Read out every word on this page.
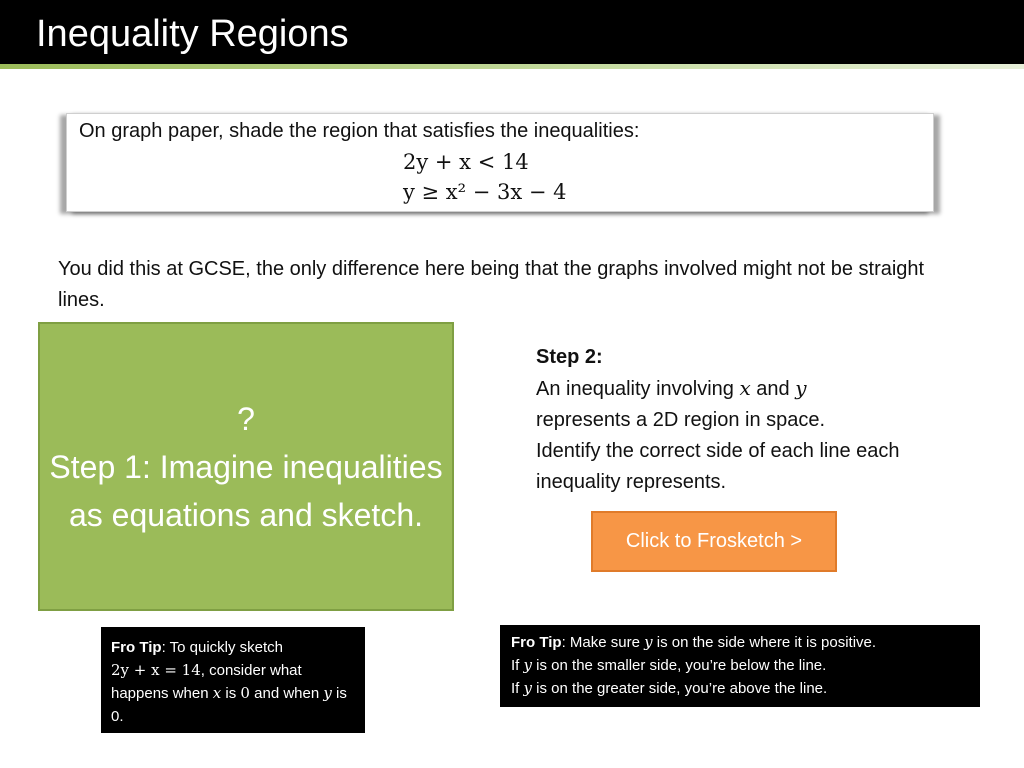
Inequality Regions
On graph paper, shade the region that satisfies the inequalities:
2y + x < 14
y ≥ x² − 3x − 4
You did this at GCSE, the only difference here being that the graphs involved might not be straight lines.
?
Step 1: Imagine inequalities as equations and sketch.
Step 2:
An inequality involving x and y
represents a 2D region in space.
Identify the correct side of each line each inequality represents.
Click to Frosketch >
Fro Tip: To quickly sketch
2y + x = 14, consider what happens when x is 0 and when y is 0.
Fro Tip: Make sure y is on the side where it is positive.
If y is on the smaller side, you’re below the line.
If y is on the greater side, you’re above the line.
